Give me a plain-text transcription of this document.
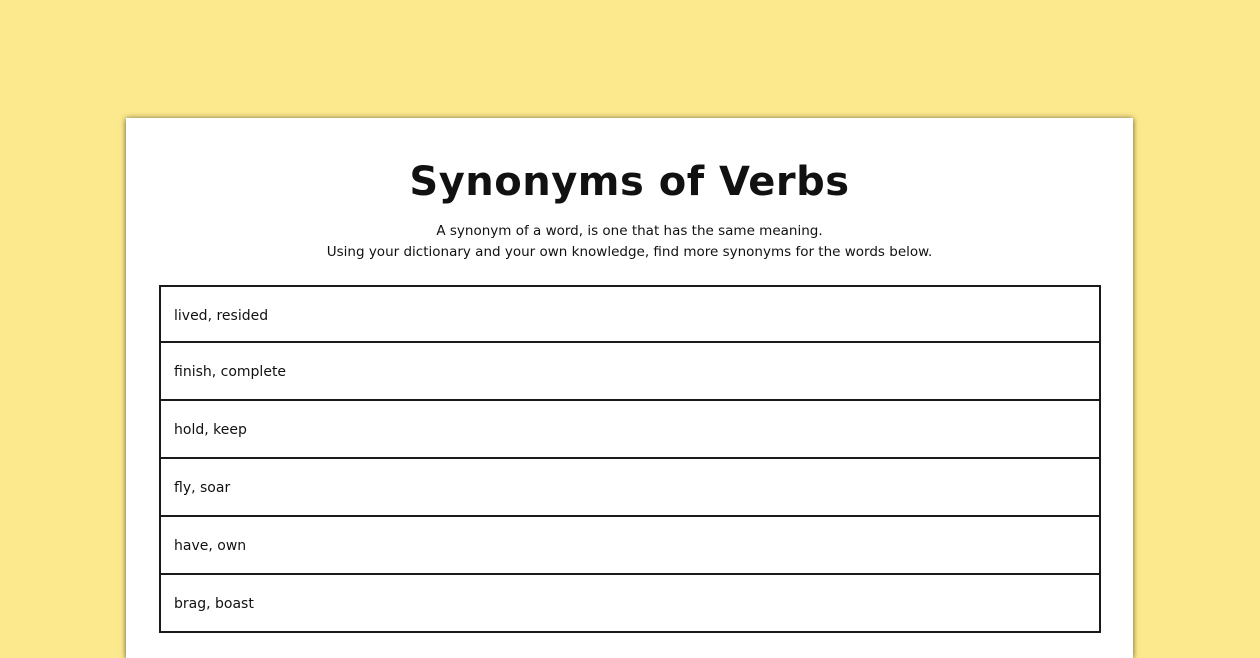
Synonyms of Verbs
A synonym of a word, is one that has the same meaning.
Using your dictionary and your own knowledge, find more synonyms for the words below.
lived, resided
finish, complete
hold, keep
fly, soar
have, own
brag, boast
